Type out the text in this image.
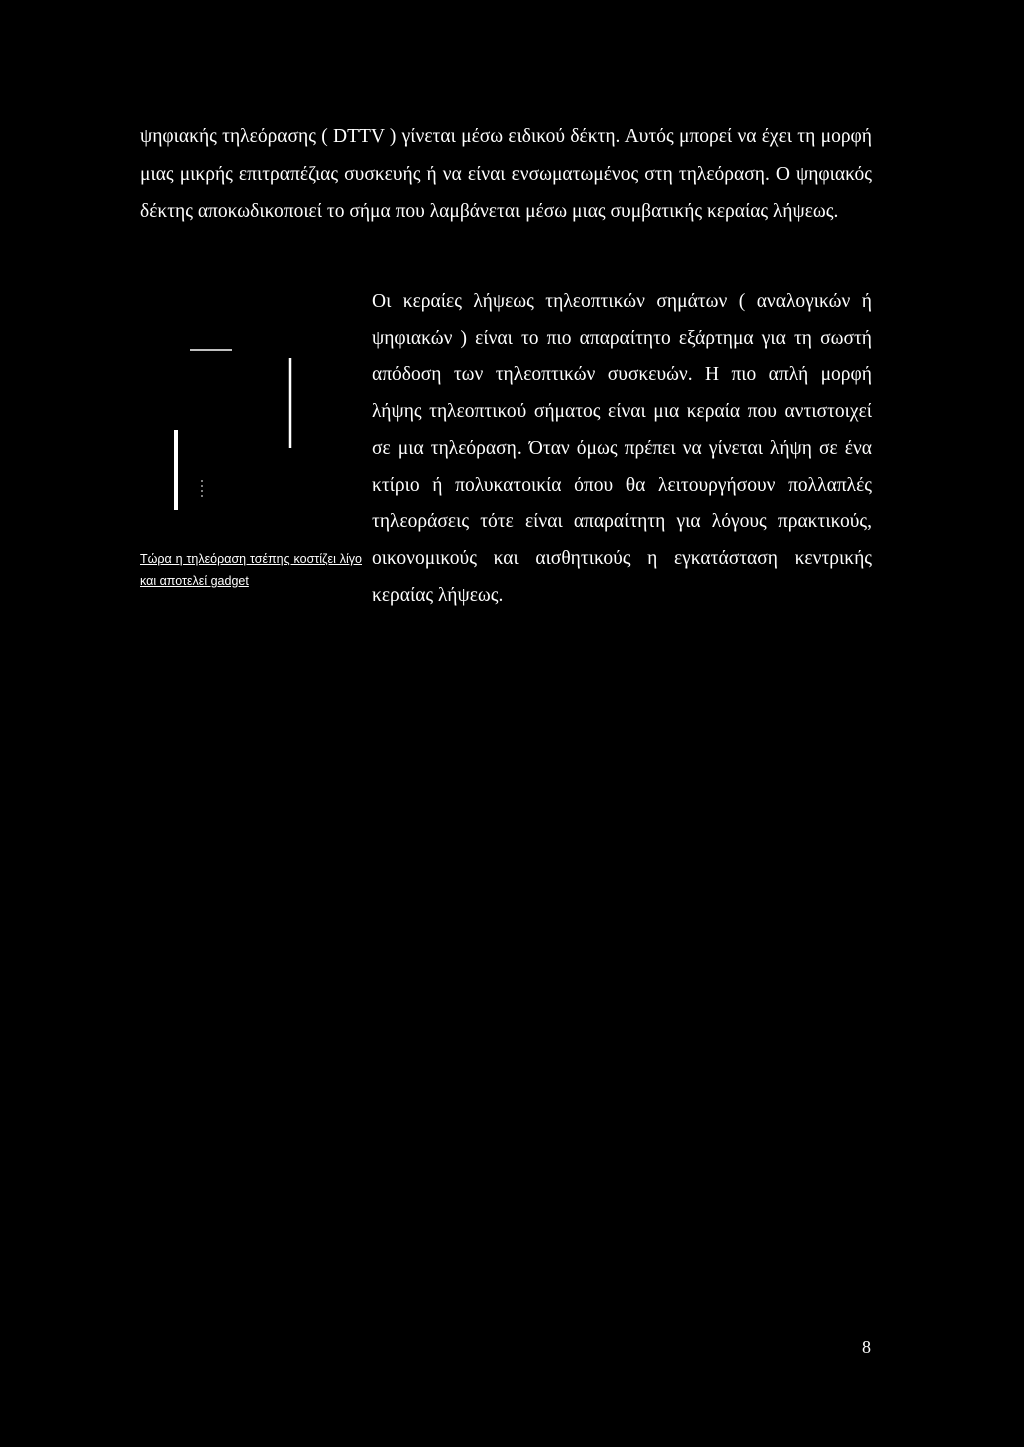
ψηφιακής τηλεόρασης ( DTTV ) γίνεται μέσω ειδικού δέκτη. Αυτός μπορεί να έχει τη μορφή μιας μικρής επιτραπέζιας συσκευής ή να είναι ενσωματωμένος στη τηλεόραση. Ο ψηφιακός δέκτης αποκωδικοποιεί το σήμα που λαμβάνεται μέσω μιας συμβατικής κεραίας λήψεως.

Οι κεραίες λήψεως τηλεοπτικών σημάτων ( αναλογικών ή ψηφιακών ) είναι το πιο απαραίτητο εξάρτημα για τη σωστή απόδοση των τηλεοπτικών συσκευών. Η πιο απλή μορφή λήψης τηλεοπτικού σήματος είναι μια κεραία που αντιστοιχεί σε μια τηλεόραση. Όταν όμως πρέπει να γίνεται λήψη σε ένα κτίριο ή πολυκατοικία όπου θα λειτουργήσουν πολλαπλές τηλεοράσεις τότε είναι απαραίτητη για λόγους πρακτικούς, οικονομικούς και αισθητικούς η εγκατάσταση κεντρικής κεραίας λήψεως.

Τώρα η τηλεόραση τσέπης κοστίζει λίγο και αποτελεί gadget

8
